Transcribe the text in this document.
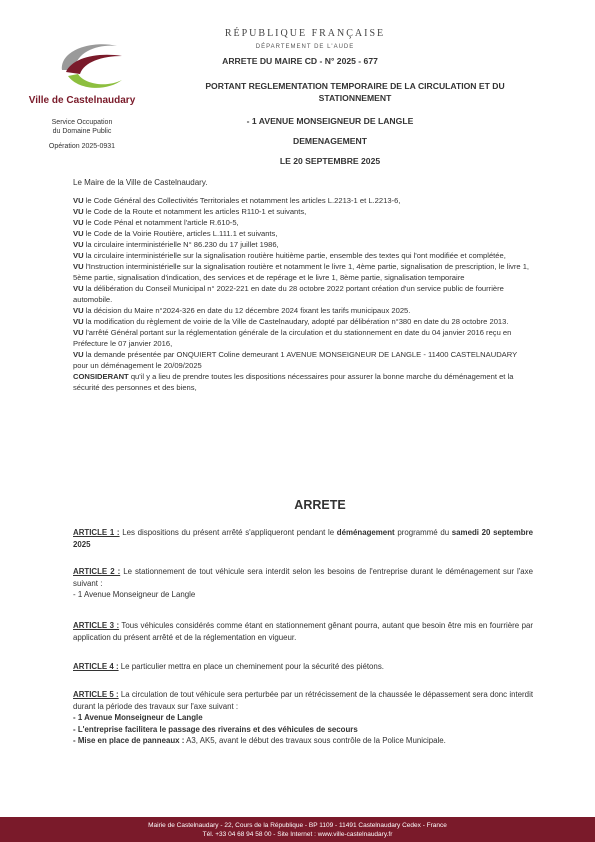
Ville de Castelnaudary
Service Occupation
du Domaine Public
Opération 2025-0931
RÉPUBLIQUE FRANÇAISE
DÉPARTEMENT DE L'AUDE
ARRETE DU MAIRE CD - N° 2025 - 677
PORTANT REGLEMENTATION TEMPORAIRE DE LA CIRCULATION ET DU
STATIONNEMENT
- 1 AVENUE MONSEIGNEUR DE LANGLE
DEMENAGEMENT
LE 20 SEPTEMBRE 2025
Le Maire de la Ville de Castelnaudary.
VU le Code Général des Collectivités Territoriales et notamment les articles L.2213-1 et L.2213-6,
VU le Code de la Route et notamment les articles R110-1 et suivants,
VU le Code Pénal et notamment l'article R.610-5,
VU le Code de la Voirie Routière, articles L.111.1 et suivants,
VU la circulaire interministérielle N° 86.230 du 17 juillet 1986,
VU la circulaire interministérielle sur la signalisation routière huitième partie, ensemble des textes qui l'ont modifiée et complétée,
VU l'Instruction interministérielle sur la signalisation routière et notamment le livre 1, 4ème partie, signalisation de prescription, le livre 1, 5ème partie, signalisation d'indication, des services et de repérage et le livre 1, 8ème partie, signalisation temporaire
VU la délibération du Conseil Municipal n° 2022-221 en date du 28 octobre 2022 portant création d'un service public de fourrière automobile.
VU la décision du Maire n°2024-326 en date du 12 décembre 2024 fixant les tarifs municipaux 2025.
VU la modification du règlement de voirie de la Ville de Castelnaudary, adopté par délibération n°380 en date du 28 octobre 2013.
VU l'arrêté Général portant sur la réglementation générale de la circulation et du stationnement en date du 04 janvier 2016 reçu en Préfecture le 07 janvier 2016,
VU la demande présentée par ONQUIERT Coline demeurant 1 AVENUE MONSEIGNEUR DE LANGLE - 11400 CASTELNAUDARY pour un déménagement le 20/09/2025
CONSIDERANT qu'il y a lieu de prendre toutes les dispositions nécessaires pour assurer la bonne marche du déménagement et la sécurité des personnes et des biens,
ARRETE
ARTICLE 1 : Les dispositions du présent arrêté s'appliqueront pendant le déménagement programmé du samedi 20 septembre 2025
ARTICLE 2 : Le stationnement de tout véhicule sera interdit selon les besoins de l'entreprise durant le déménagement sur l'axe suivant :
- 1 Avenue Monseigneur de Langle
ARTICLE 3 : Tous véhicules considérés comme étant en stationnement gênant pourra, autant que besoin être mis en fourrière par application du présent arrêté et de la réglementation en vigueur.
ARTICLE 4 : Le particulier mettra en place un cheminement pour la sécurité des piétons.
ARTICLE 5 : La circulation de tout véhicule sera perturbée par un rétrécissement de la chaussée le dépassement sera donc interdit durant la période des travaux sur l'axe suivant :
- 1 Avenue Monseigneur de Langle
- L'entreprise facilitera le passage des riverains et des véhicules de secours
- Mise en place de panneaux : A3, AK5, avant le début des travaux sous contrôle de la Police Municipale.
Mairie de Castelnaudary - 22, Cours de la République - BP 1109 - 11491 Castelnaudary Cedex - France
Tél. +33 04 68 94 58 00 - Site Internet : www.ville-castelnaudary.fr
